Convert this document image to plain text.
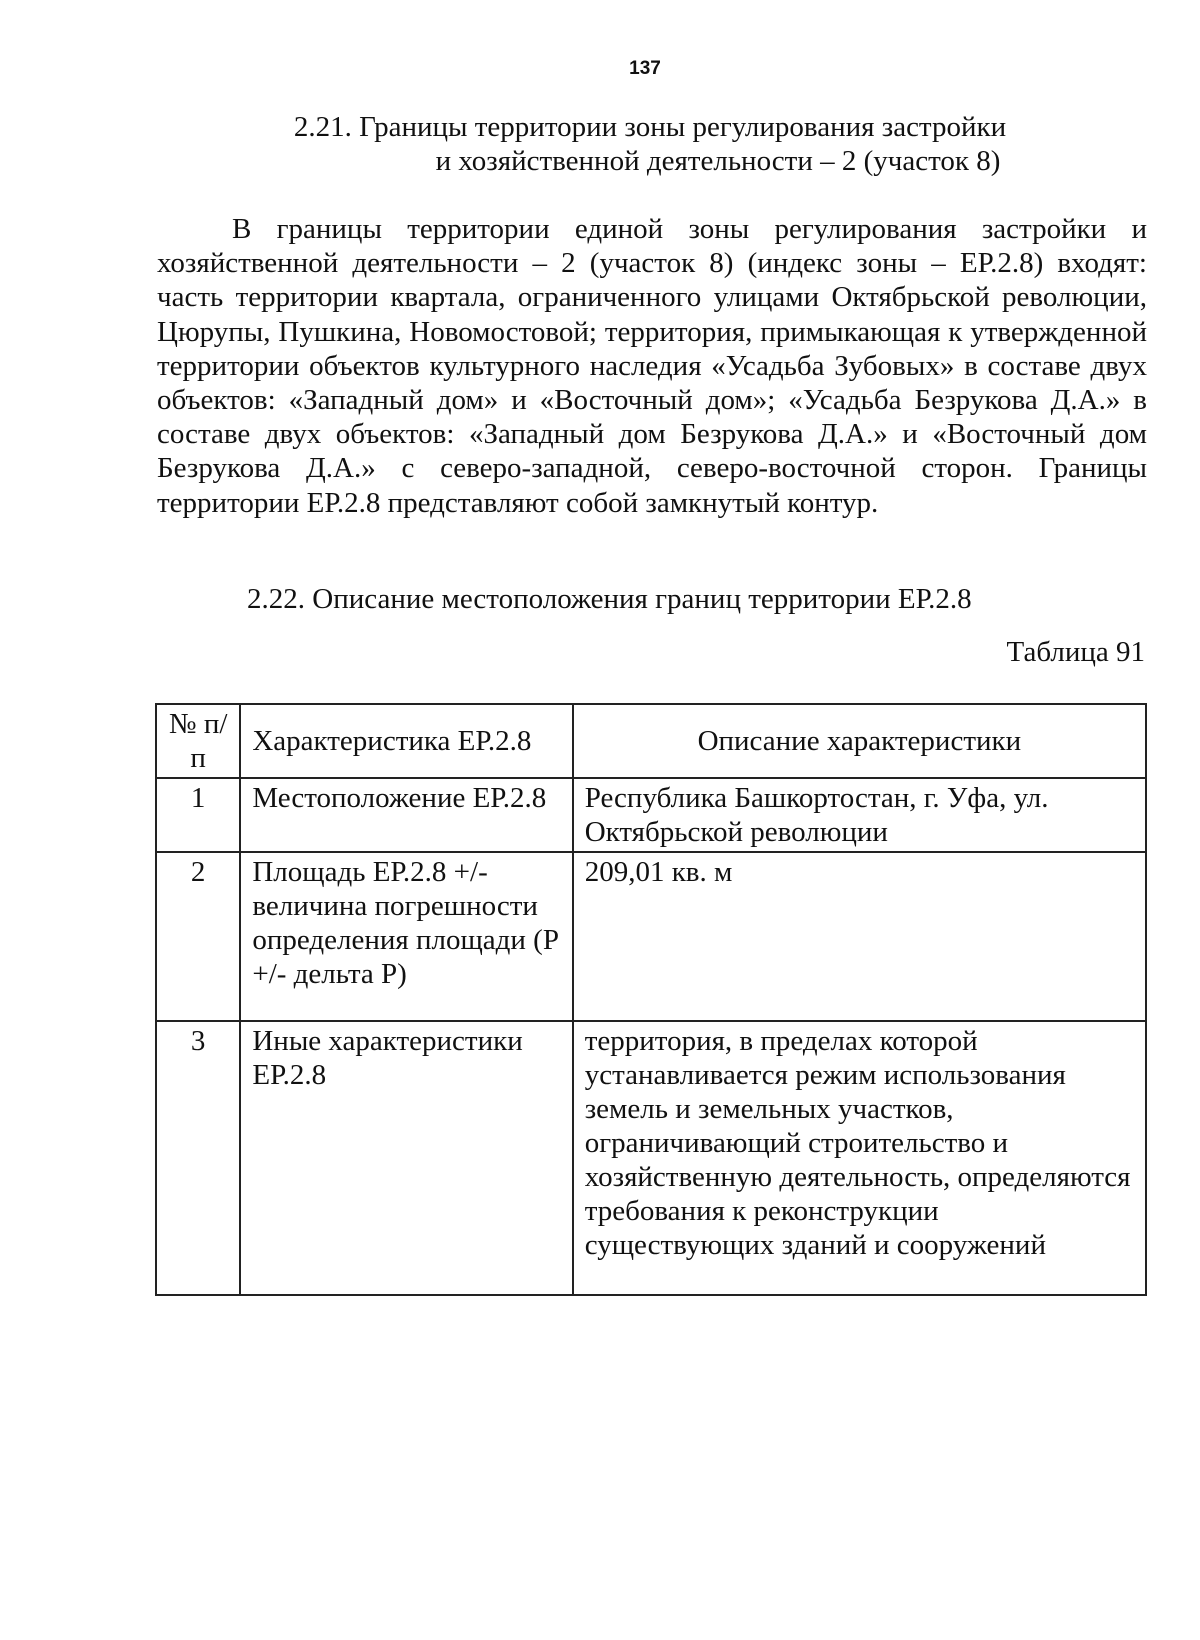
137
2.21. Границы территории зоны регулирования застройки
и хозяйственной деятельности – 2 (участок 8)

В границы территории единой зоны регулирования застройки и хозяйственной деятельности – 2 (участок 8) (индекс зоны – ЕР.2.8) входят: часть территории квартала, ограниченного улицами Октябрьской революции, Цюрупы, Пушкина, Новомостовой; территория, примыкающая к утвержденной территории объектов культурного наследия «Усадьба Зубовых» в составе двух объектов: «Западный дом» и «Восточный дом»; «Усадьба Безрукова Д.А.» в составе двух объектов: «Западный дом Безрукова Д.А.» и «Восточный дом Безрукова Д.А.» с северо-западной, северо-восточной сторон. Границы территории ЕР.2.8 представляют собой замкнутый контур.

2.22. Описание местоположения границ территории ЕР.2.8
Таблица 91
№ п/п	Характеристика ЕР.2.8	Описание характеристики
1	Местоположение ЕР.2.8	Республика Башкортостан, г. Уфа, ул. Октябрьской революции
2	Площадь ЕР.2.8 +/- величина погрешности определения площади (Р +/- дельта Р)	209,01 кв. м
3	Иные характеристики ЕР.2.8	территория, в пределах которой устанавливается режим использования земель и земельных участков, ограничивающий строительство и хозяйственную деятельность, определяются требования к реконструкции существующих зданий и сооружений
